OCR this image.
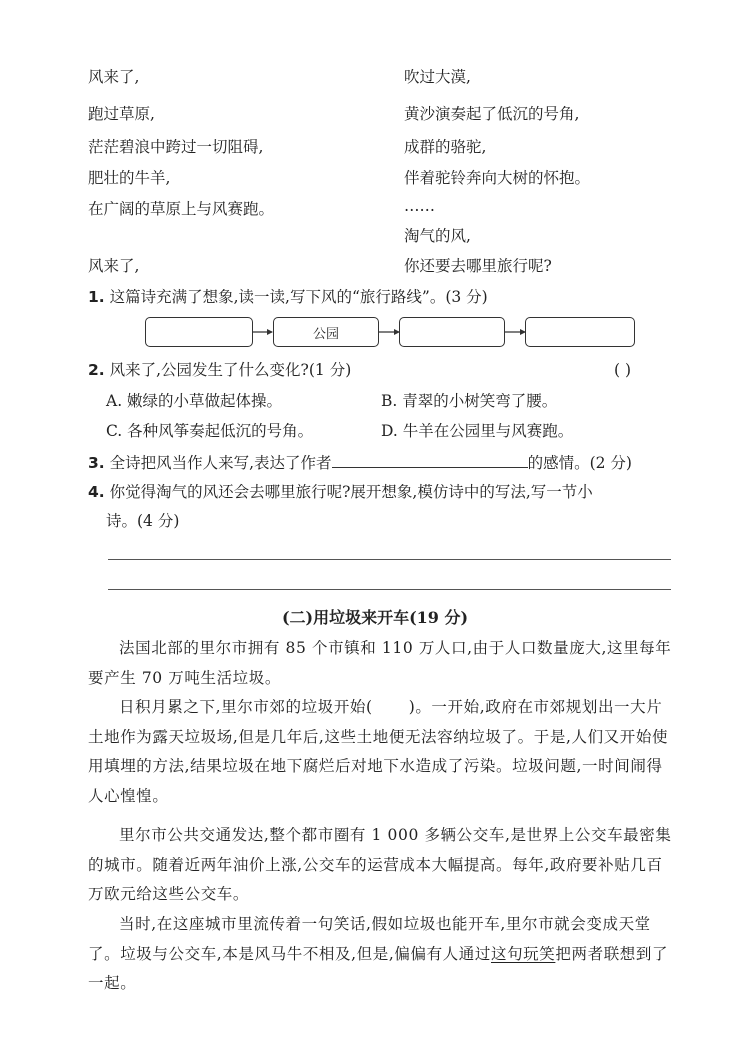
风来了,
跑过草原,
茫茫碧浪中跨过一切阻碍,
肥壮的牛羊,
在广阔的草原上与风赛跑。
风来了,
吹过大漠,
黄沙演奏起了低沉的号角,
成群的骆驼,
伴着驼铃奔向大树的怀抱。
……
淘气的风,
你还要去哪里旅行呢?
1. 这篇诗充满了想象,读一读,写下风的“旅行路线”。(3 分)
公园
2. 风来了,公园发生了什么变化?(1 分)	( )
A. 嫩绿的小草做起体操。	B. 青翠的小树笑弯了腰。
C. 各种风筝奏起低沉的号角。	D. 牛羊在公园里与风赛跑。
3. 全诗把风当作人来写,表达了作者	的感情。(2 分)
4. 你觉得淘气的风还会去哪里旅行呢?展开想象,模仿诗中的写法,写一节小
诗。(4 分)
(二)用垃圾来开车(19 分)
法国北部的里尔市拥有 85 个市镇和 110 万人口,由于人口数量庞大,这里每年要产生 70 万吨生活垃圾。
日积月累之下,里尔市郊的垃圾开始( )。一开始,政府在市郊规划出一大片土地作为露天垃圾场,但是几年后,这些土地便无法容纳垃圾了。于是,人们又开始使用填埋的方法,结果垃圾在地下腐烂后对地下水造成了污染。垃圾问题,一时间闹得人心惶惶。
里尔市公共交通发达,整个都市圈有 1 000 多辆公交车,是世界上公交车最密集的城市。随着近两年油价上涨,公交车的运营成本大幅提高。每年,政府要补贴几百万欧元给这些公交车。
当时,在这座城市里流传着一句笑话,假如垃圾也能开车,里尔市就会变成天堂了。垃圾与公交车,本是风马牛不相及,但是,偏偏有人通过这句玩笑把两者联想到了一起。
